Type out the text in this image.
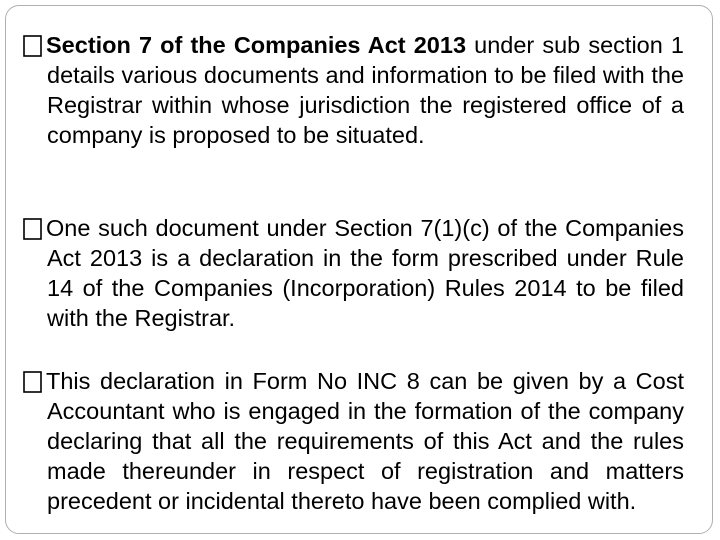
Section 7 of the Companies Act 2013 under sub section 1 details various documents and information to be filed with the Registrar within whose jurisdiction the registered office of a company is proposed to be situated.

One such document under Section 7(1)(c) of the Companies Act 2013 is a declaration in the form prescribed under Rule 14 of the Companies (Incorporation) Rules 2014 to be filed with the Registrar.

This declaration in Form No INC 8 can be given by a Cost Accountant who is engaged in the formation of the company declaring that all the requirements of this Act and the rules made thereunder in respect of registration and matters precedent or incidental thereto have been complied with.
